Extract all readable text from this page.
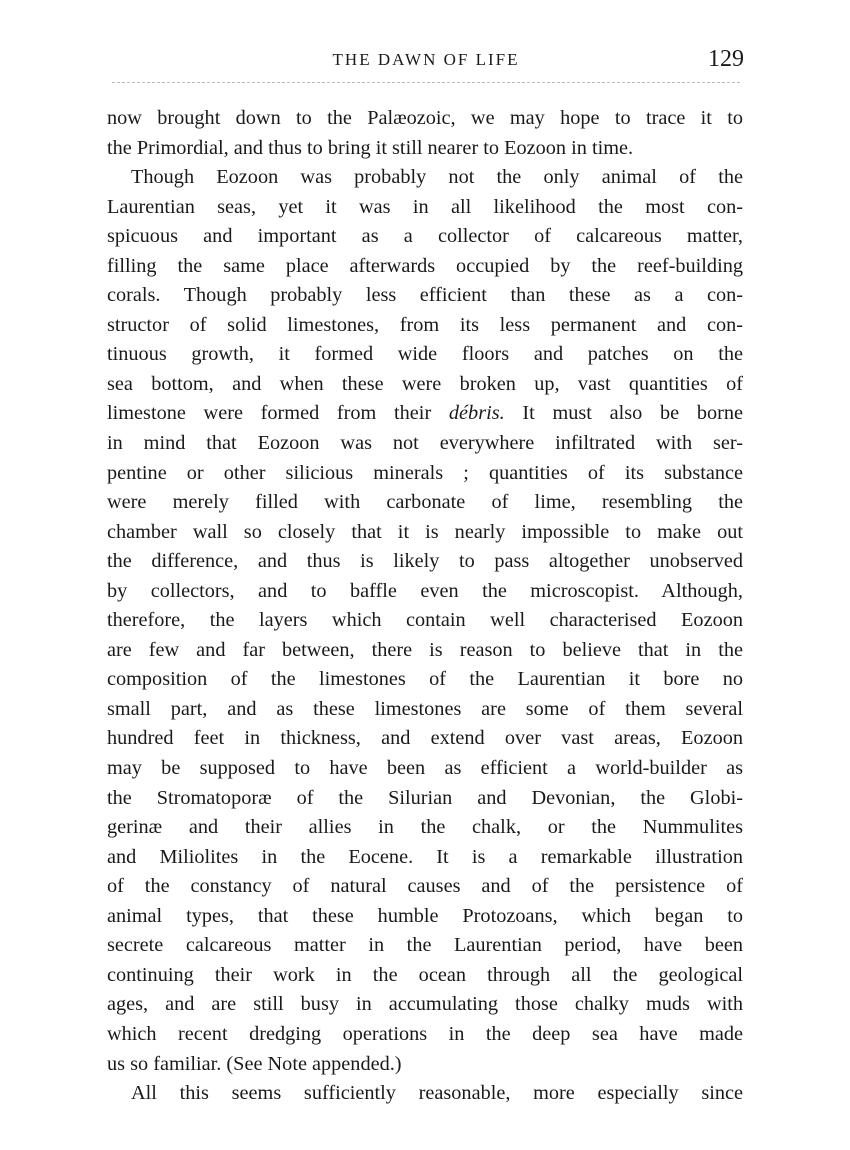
THE DAWN OF LIFE	129
now brought down to the Palæozoic, we may hope to trace it to
the Primordial, and thus to bring it still nearer to Eozoon in time.
Though Eozoon was probably not the only animal of the
Laurentian seas, yet it was in all likelihood the most con-
spicuous and important as a collector of calcareous matter,
filling the same place afterwards occupied by the reef-building
corals. Though probably less efficient than these as a con-
structor of solid limestones, from its less permanent and con-
tinuous growth, it formed wide floors and patches on the
sea bottom, and when these were broken up, vast quantities of
limestone were formed from their débris. It must also be borne
in mind that Eozoon was not everywhere infiltrated with ser-
pentine or other silicious minerals ; quantities of its substance
were merely filled with carbonate of lime, resembling the
chamber wall so closely that it is nearly impossible to make out
the difference, and thus is likely to pass altogether unobserved
by collectors, and to baffle even the microscopist. Although,
therefore, the layers which contain well characterised Eozoon
are few and far between, there is reason to believe that in the
composition of the limestones of the Laurentian it bore no
small part, and as these limestones are some of them several
hundred feet in thickness, and extend over vast areas, Eozoon
may be supposed to have been as efficient a world-builder as
the Stromatoporæ of the Silurian and Devonian, the Globi-
gerinæ and their allies in the chalk, or the Nummulites
and Miliolites in the Eocene. It is a remarkable illustration
of the constancy of natural causes and of the persistence of
animal types, that these humble Protozoans, which began to
secrete calcareous matter in the Laurentian period, have been
continuing their work in the ocean through all the geological
ages, and are still busy in accumulating those chalky muds with
which recent dredging operations in the deep sea have made
us so familiar. (See Note appended.)
All this seems sufficiently reasonable, more especially since
